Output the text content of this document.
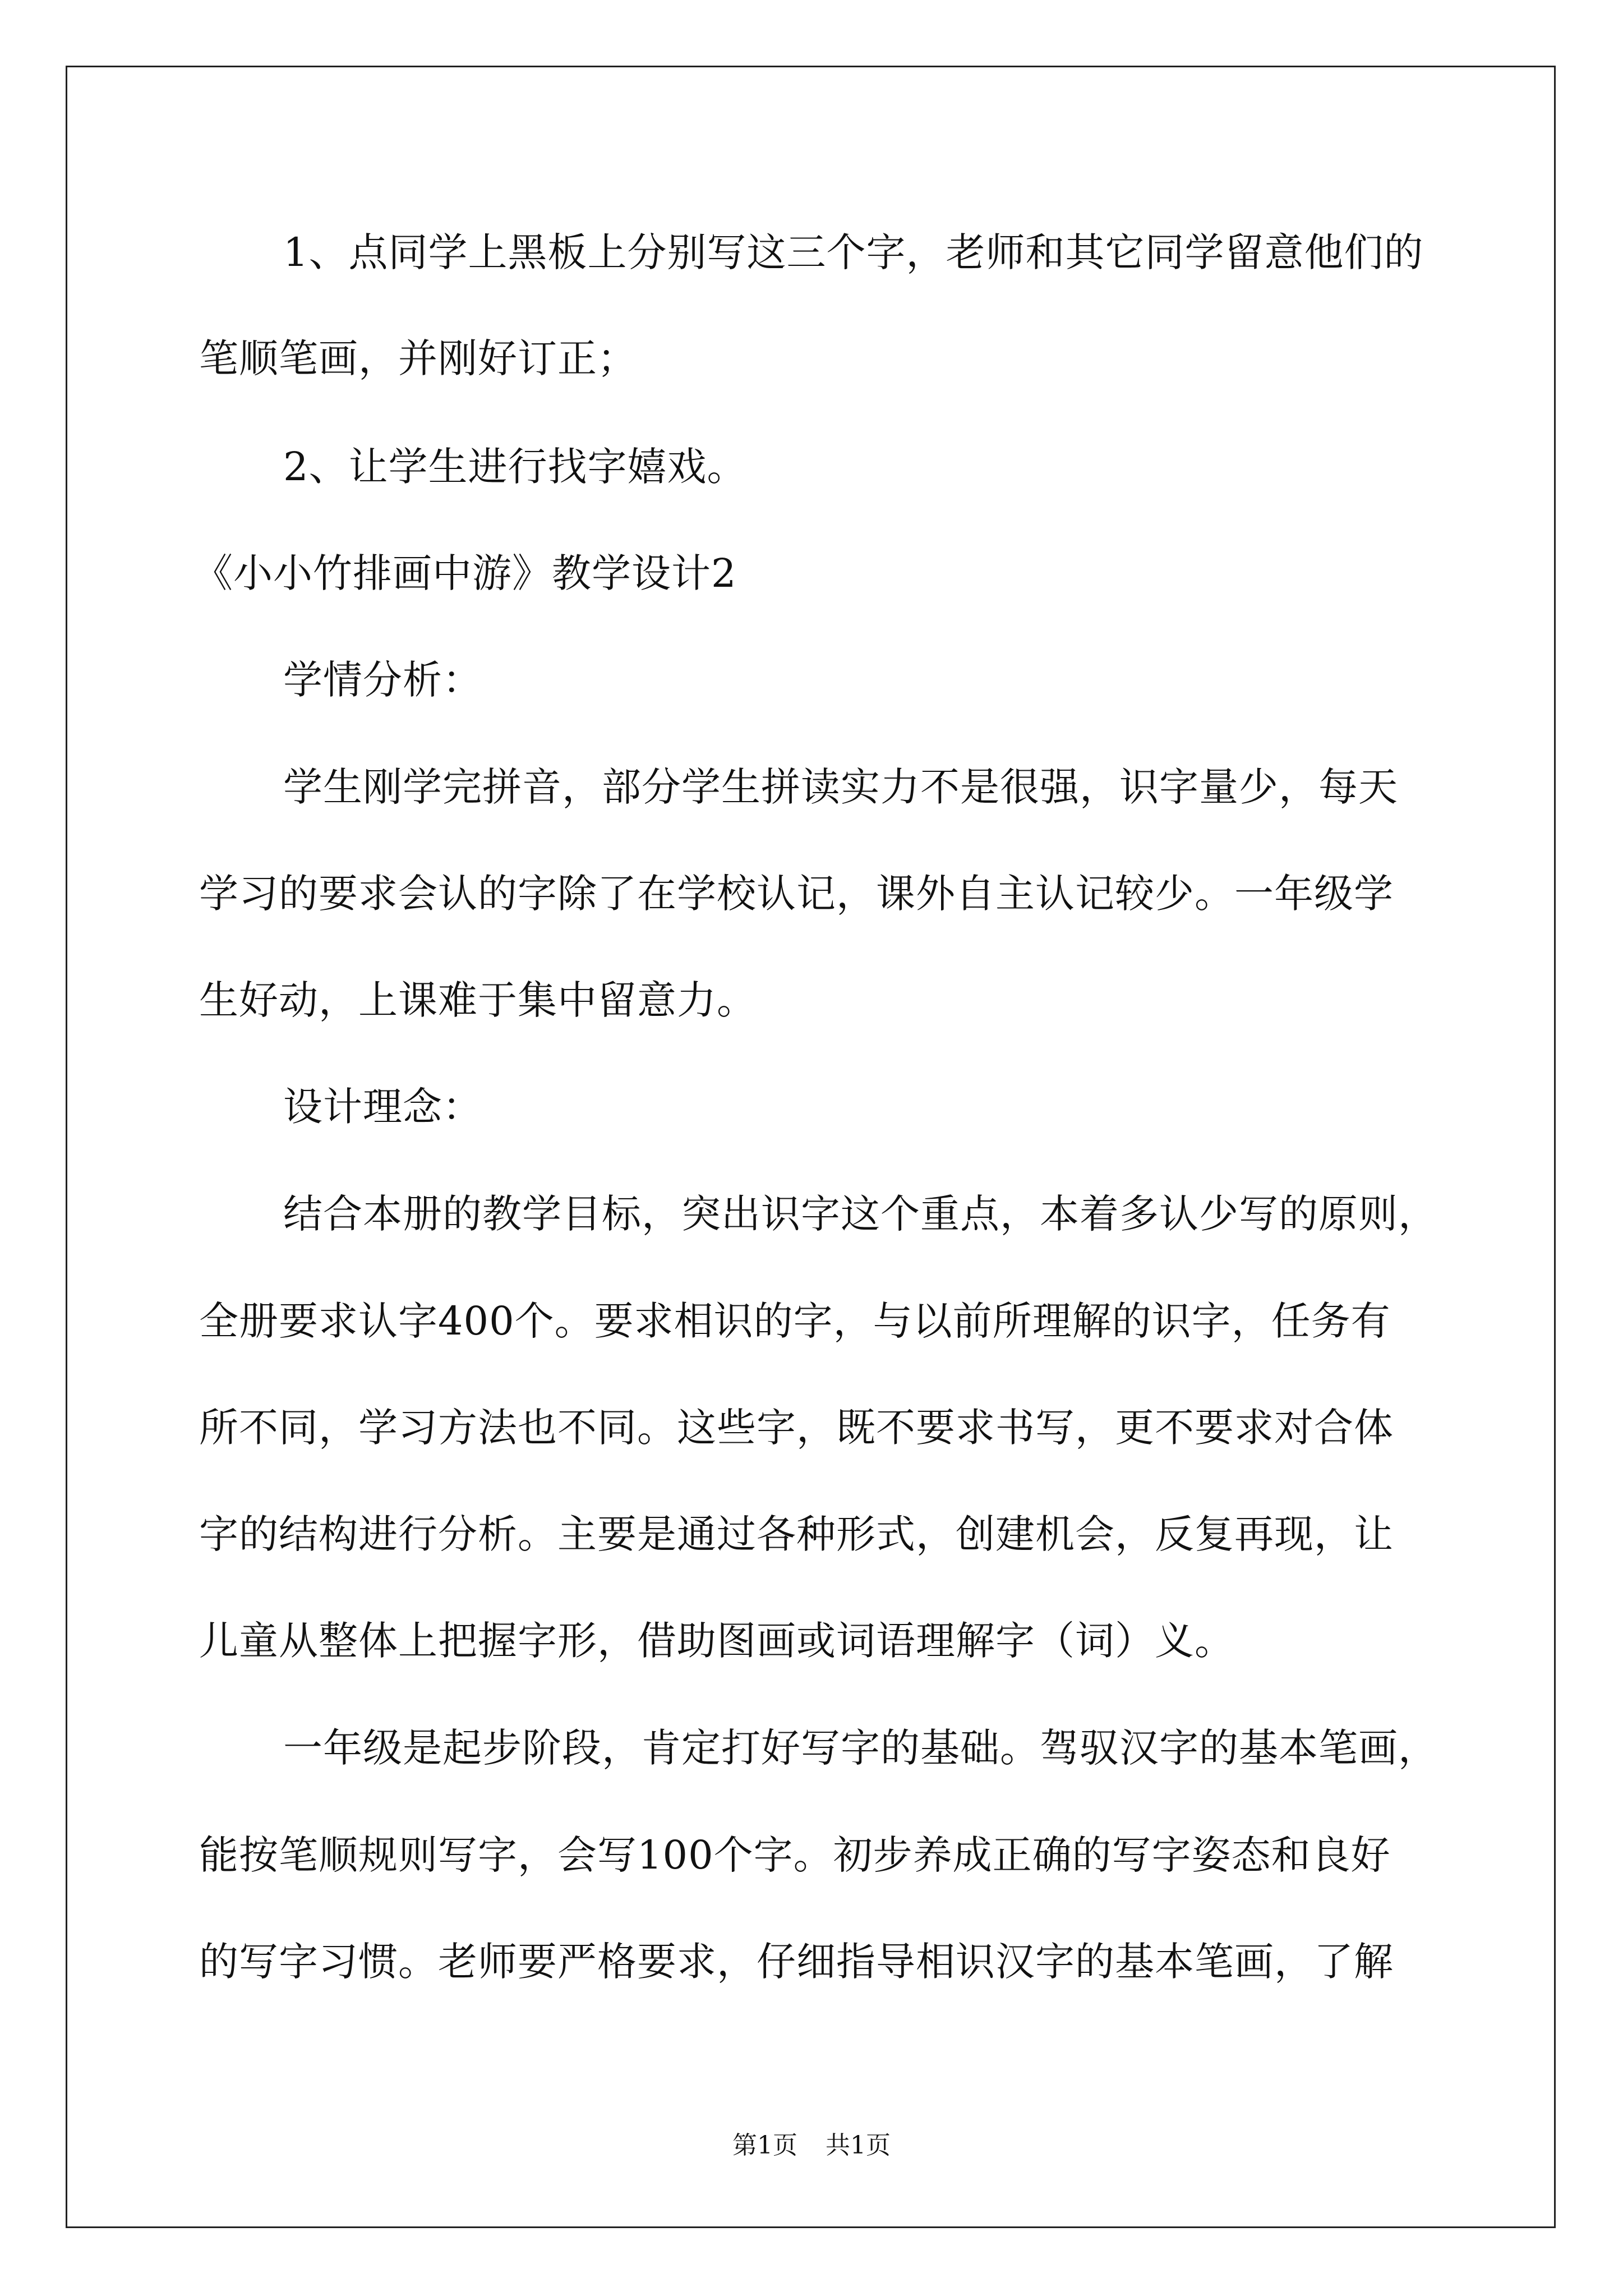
1、点同学上黑板上分别写这三个字，老师和其它同学留意他们的
笔顺笔画，并刚好订正；
2、让学生进行找字嬉戏。
《小小竹排画中游》教学设计2
学情分析：
学生刚学完拼音，部分学生拼读实力不是很强，识字量少，每天
学习的要求会认的字除了在学校认记，课外自主认记较少。一年级学
生好动，上课难于集中留意力。
设计理念：
结合本册的教学目标，突出识字这个重点，本着多认少写的原则，
全册要求认字400个。要求相识的字，与以前所理解的识字，任务有
所不同，学习方法也不同。这些字，既不要求书写，更不要求对合体
字的结构进行分析。主要是通过各种形式，创建机会，反复再现，让
儿童从整体上把握字形，借助图画或词语理解字（词）义。
一年级是起步阶段，肯定打好写字的基础。驾驭汉字的基本笔画，
能按笔顺规则写字，会写100个字。初步养成正确的写字姿态和良好
的写字习惯。老师要严格要求，仔细指导相识汉字的基本笔画，了解
第1页 共1页
